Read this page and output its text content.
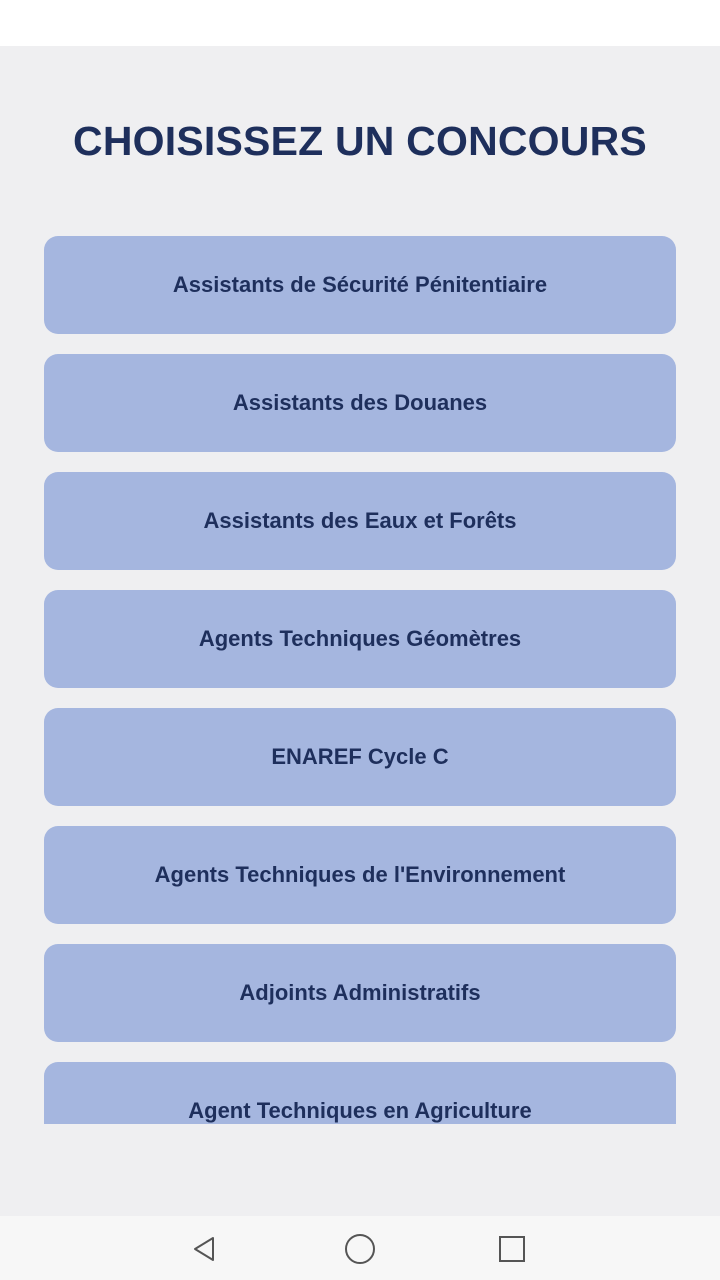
CHOISISSEZ UN CONCOURS
Assistants de Sécurité Pénitentiaire
Assistants des Douanes
Assistants des Eaux et Forêts
Agents Techniques Géomètres
ENAREF Cycle C
Agents Techniques de l'Environnement
Adjoints Administratifs
Agent Techniques en Agriculture
